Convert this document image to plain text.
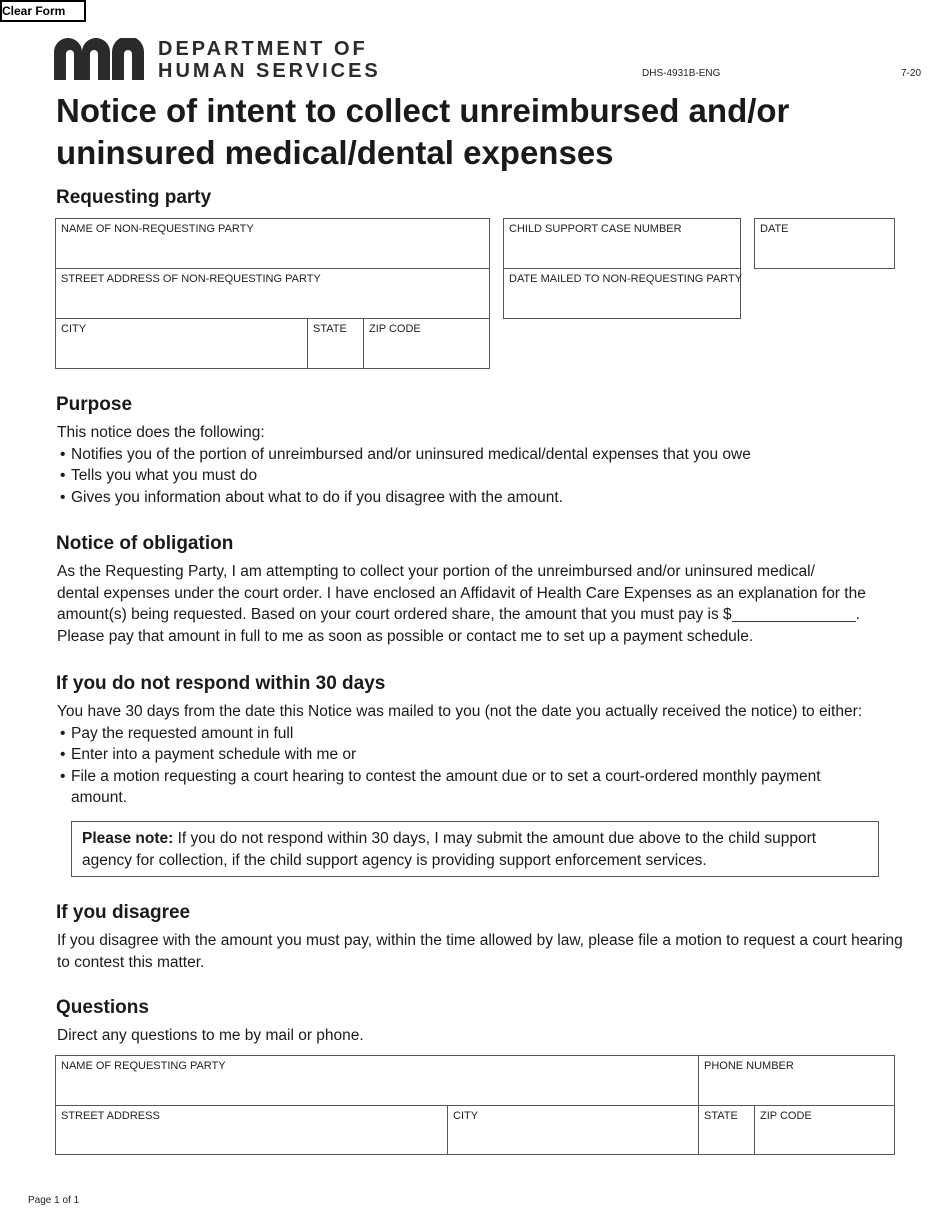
Clear Form
DEPARTMENT OF
HUMAN SERVICES	DHS-4931B-ENG	7-20
Notice of intent to collect unreimbursed and/or
uninsured medical/dental expenses
Requesting party
NAME OF NON-REQUESTING PARTY
STREET ADDRESS OF NON-REQUESTING PARTY
CITY	STATE ZIP CODE
CHILD SUPPORT CASE NUMBER
DATE MAILED TO NON-REQUESTING PARTY
DATE
Purpose
This notice does the following:
• Notifies you of the portion of unreimbursed and/or uninsured medical/dental expenses that you owe
• Tells you what you must do
• Gives you information about what to do if you disagree with the amount.
Notice of obligation
As the Requesting Party, I am attempting to collect your portion of the unreimbursed and/or uninsured medical/
dental expenses under the court order. I have enclosed an Affidavit of Health Care Expenses as an explanation for the
amount(s) being requested. Based on your court ordered share, the amount that you must pay is $	.
Please pay that amount in full to me as soon as possible or contact me to set up a payment schedule.
If you do not respond within 30 days
You have 30 days from the date this Notice was mailed to you (not the date you actually received the notice) to either:
• Pay the requested amount in full
• Enter into a payment schedule with me or
• File a motion requesting a court hearing to contest the amount due or to set a court-ordered monthly payment amount.
Please note: If you do not respond within 30 days, I may submit the amount due above to the child support agency for collection, if the child support agency is providing support enforcement services.
If you disagree
If you disagree with the amount you must pay, within the time allowed by law, please file a motion to request a court hearing to contest this matter.
Questions
Direct any questions to me by mail or phone.
NAME OF REQUESTING PARTY	PHONE NUMBER
STREET ADDRESS	CITY	STATE ZIP CODE
Page 1 of 1
